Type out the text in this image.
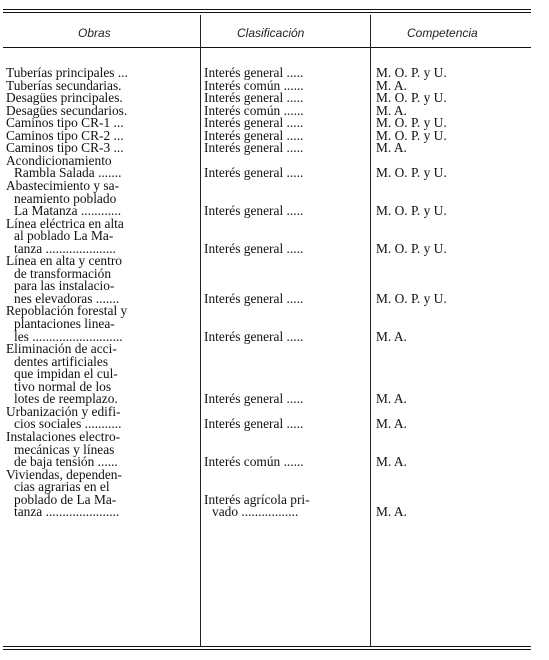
Obras	Clasificación	Competencia
Tuberías principales ...
Tuberías secundarias.
Desagües principales.
Desagües secundarios.
Caminos tipo CR-1 ...
Caminos tipo CR-2 ...
Caminos tipo CR-3 ...
Acondicionamiento
Rambla Salada .......
Abastecimiento y sa-
neamiento poblado
La Matanza ............
Línea eléctrica en alta
al poblado La Ma-
tanza .....................
Línea en alta y centro
de transformación
para las instalacio-
nes elevadoras .......
Repoblación forestal y
plantaciones lineа-
les ...........................
Eliminación de acci-
dentes artificiales
que impidan el cul-
tivo normal de los
lotes de reemplazo.
Urbanización y edifi-
cios sociales ...........
Instalaciones electro-
mecánicas y líneas
de baja tensión ......
Viviendas, dependen-
cias agrarias en el
poblado de La Ma-
tanza ......................
Interés general .....
Interés común ......
Interés general .....
Interés común ......
Interés general .....
Interés general .....
Interés general .....
Interés general .....
Interés general .....
Interés general .....
Interés general .....
Interés general .....
Interés general .....
Interés general .....
Interés común ......
Interés agrícola pri-
vado .................
M. O. P. y U.
M. A.
M. O. P. y U.
M. A.
M. O. P. y U.
M. O. P. y U.
M. A.
M. O. P. y U.
M. O. P. y U.
M. O. P. y U.
M. O. P. y U.
M. A.
M. A.
M. A.
M. A.
M. A.
